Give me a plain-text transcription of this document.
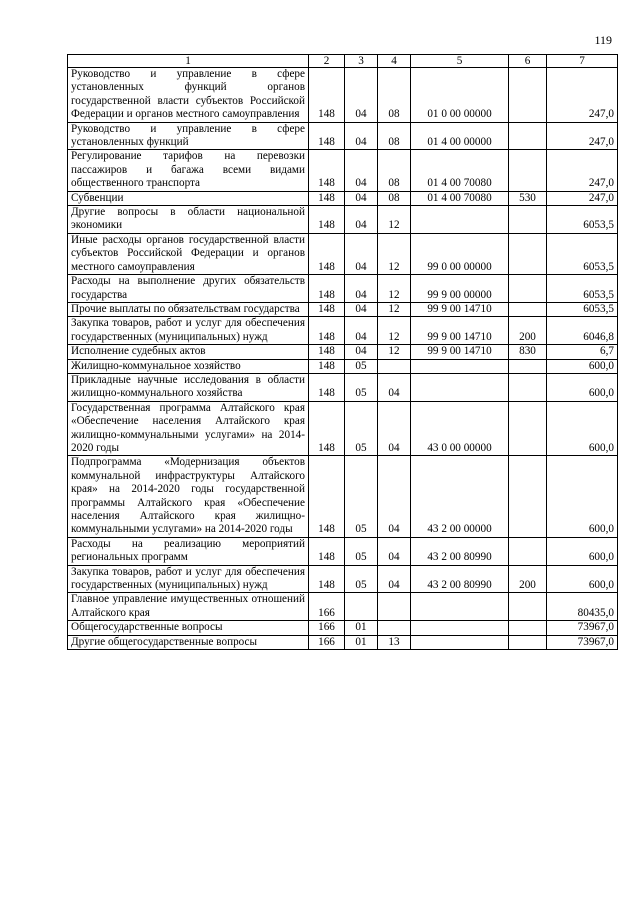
119
1	2	3	4	5	6	7
Руководство и управление в сфере установленных функций органов государственной власти субъектов Российской Федерации и органов местного самоуправления	148	04	08	01 0 00 00000		247,0
Руководство и управление в сфере установленных функций	148	04	08	01 4 00 00000		247,0
Регулирование тарифов на перевозки пассажиров и багажа всеми видами общественного транспорта	148	04	08	01 4 00 70080		247,0
Субвенции	148	04	08	01 4 00 70080	530	247,0
Другие вопросы в области национальной экономики	148	04	12			6053,5
Иные расходы органов государственной власти субъектов Российской Федерации и органов местного самоуправления	148	04	12	99 0 00 00000		6053,5
Расходы на выполнение других обязательств государства	148	04	12	99 9 00 00000		6053,5
Прочие выплаты по обязательствам государства	148	04	12	99 9 00 14710		6053,5
Закупка товаров, работ и услуг для обеспечения государственных (муниципальных) нужд	148	04	12	99 9 00 14710	200	6046,8
Исполнение судебных актов	148	04	12	99 9 00 14710	830	6,7
Жилищно-коммунальное хозяйство	148	05				600,0
Прикладные научные исследования в области жилищно-коммунального хозяйства	148	05	04			600,0
Государственная программа Алтайского края «Обеспечение населения Алтайского края жилищно-коммунальными услугами» на 2014-2020 годы	148	05	04	43 0 00 00000		600,0
Подпрограмма «Модернизация объектов коммунальной инфраструктуры Алтайского края» на 2014-2020 годы государственной программы Алтайского края «Обеспечение населения Алтайского края жилищно-коммунальными услугами» на 2014-2020 годы	148	05	04	43 2 00 00000		600,0
Расходы на реализацию мероприятий региональных программ	148	05	04	43 2 00 80990		600,0
Закупка товаров, работ и услуг для обеспечения государственных (муниципальных) нужд	148	05	04	43 2 00 80990	200	600,0
Главное управление имущественных отношений Алтайского края	166					80435,0
Общегосударственные вопросы	166	01				73967,0
Другие общегосударственные вопросы	166	01	13			73967,0
